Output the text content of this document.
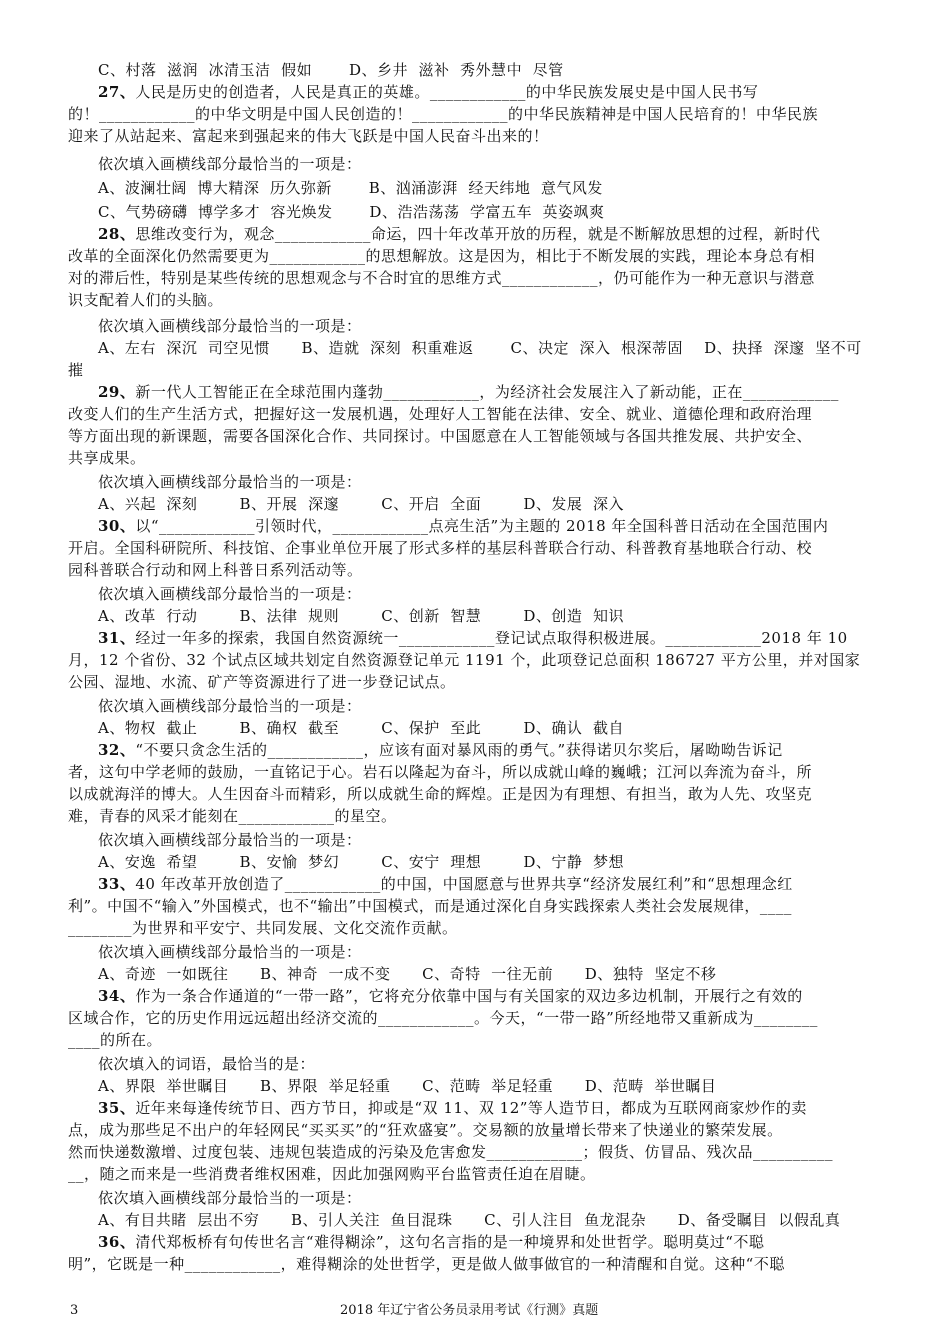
C、村落  滋润  冰清玉洁  假如       D、乡井  滋补  秀外慧中  尽管
27、人民是历史的创造者，人民是真正的英雄。____________的中华民族发展史是中国人民书写
的！____________的中华文明是中国人民创造的！____________的中华民族精神是中国人民培育的！中华民族
迎来了从站起来、富起来到强起来的伟大飞跃是中国人民奋斗出来的！
依次填入画横线部分最恰当的一项是：
A、波澜壮阔  博大精深  历久弥新       B、汹涌澎湃  经天纬地  意气风发
C、气势磅礴  博学多才  容光焕发       D、浩浩荡荡  学富五车  英姿飒爽
28、思维改变行为，观念____________命运，四十年改革开放的历程，就是不断解放思想的过程，新时代
改革的全面深化仍然需要更为____________的思想解放。这是因为，相比于不断发展的实践，理论本身总有相
对的滞后性，特别是某些传统的思想观念与不合时宜的思维方式____________，仍可能作为一种无意识与潜意
识支配着人们的头脑。
依次填入画横线部分最恰当的一项是：
A、左右  深沉  司空见惯      B、造就  深刻  积重难返       C、决定  深入  根深蒂固    D、抉择  深邃  坚不可
摧
29、新一代人工智能正在全球范围内蓬勃____________，为经济社会发展注入了新动能，正在____________
改变人们的生产生活方式，把握好这一发展机遇，处理好人工智能在法律、安全、就业、道德伦理和政府治理
等方面出现的新课题，需要各国深化合作、共同探讨。中国愿意在人工智能领域与各国共推发展、共护安全、
共享成果。
依次填入画横线部分最恰当的一项是：
A、兴起  深刻        B、开展  深邃        C、开启  全面        D、发展  深入
30、以“____________引领时代，____________点亮生活”为主题的 2018 年全国科普日活动在全国范围内
开启。全国科研院所、科技馆、企事业单位开展了形式多样的基层科普联合行动、科普教育基地联合行动、校
园科普联合行动和网上科普日系列活动等。
依次填入画横线部分最恰当的一项是：
A、改革  行动        B、法律  规则        C、创新  智慧        D、创造  知识
31、经过一年多的探索，我国自然资源统一____________登记试点取得积极进展。____________2018 年 10
月，12 个省份、32 个试点区域共划定自然资源登记单元 1191 个，此项登记总面积 186727 平方公里，并对国家
公园、湿地、水流、矿产等资源进行了进一步登记试点。
依次填入画横线部分最恰当的一项是：
A、物权  截止        B、确权  截至        C、保护  至此        D、确认  截自
32、“不要只贪念生活的____________，应该有面对暴风雨的勇气。”获得诺贝尔奖后，屠呦呦告诉记
者，这句中学老师的鼓励，一直铭记于心。岩石以隆起为奋斗，所以成就山峰的巍峨；江河以奔流为奋斗，所
以成就海洋的博大。人生因奋斗而精彩，所以成就生命的辉煌。正是因为有理想、有担当，敢为人先、攻坚克
难，青春的风采才能刻在____________的星空。
依次填入画横线部分最恰当的一项是：
A、安逸  希望        B、安愉  梦幻        C、安宁  理想        D、宁静  梦想
33、40 年改革开放创造了____________的中国，中国愿意与世界共享“经济发展红利”和“思想理念红
利”。中国不“输入”外国模式，也不“输出”中国模式，而是通过深化自身实践探索人类社会发展规律，____
________为世界和平安宁、共同发展、文化交流作贡献。
依次填入画横线部分最恰当的一项是：
A、奇迹  一如既往      B、神奇  一成不变      C、奇特  一往无前      D、独特  坚定不移
34、作为一条合作通道的“一带一路”，它将充分依靠中国与有关国家的双边多边机制，开展行之有效的
区域合作，它的历史作用远远超出经济交流的____________。今天，“一带一路”所经地带又重新成为________
____的所在。
依次填入的词语，最恰当的是：
A、界限  举世瞩目      B、界限  举足轻重      C、范畴  举足轻重      D、范畴  举世瞩目
35、近年来每逢传统节日、西方节日，抑或是“双 11、双 12”等人造节日，都成为互联网商家炒作的卖
点，成为那些足不出户的年轻网民“买买买”的“狂欢盛宴”。交易额的放量增长带来了快递业的繁荣发展。
然而快递数激增、过度包装、违规包装造成的污染及危害愈发____________；假货、仿冒品、残次品__________
__，随之而来是一些消费者维权困难，因此加强网购平台监管责任迫在眉睫。
依次填入画横线部分最恰当的一项是：
A、有目共睹  层出不穷      B、引人关注  鱼目混珠      C、引人注目  鱼龙混杂      D、备受瞩目  以假乱真
36、清代郑板桥有句传世名言“难得糊涂”，这句名言指的是一种境界和处世哲学。聪明莫过“不聪
明”，它既是一种____________，难得糊涂的处世哲学，更是做人做事做官的一种清醒和自觉。这种“不聪
3	2018 年辽宁省公务员录用考试《行测》真题
